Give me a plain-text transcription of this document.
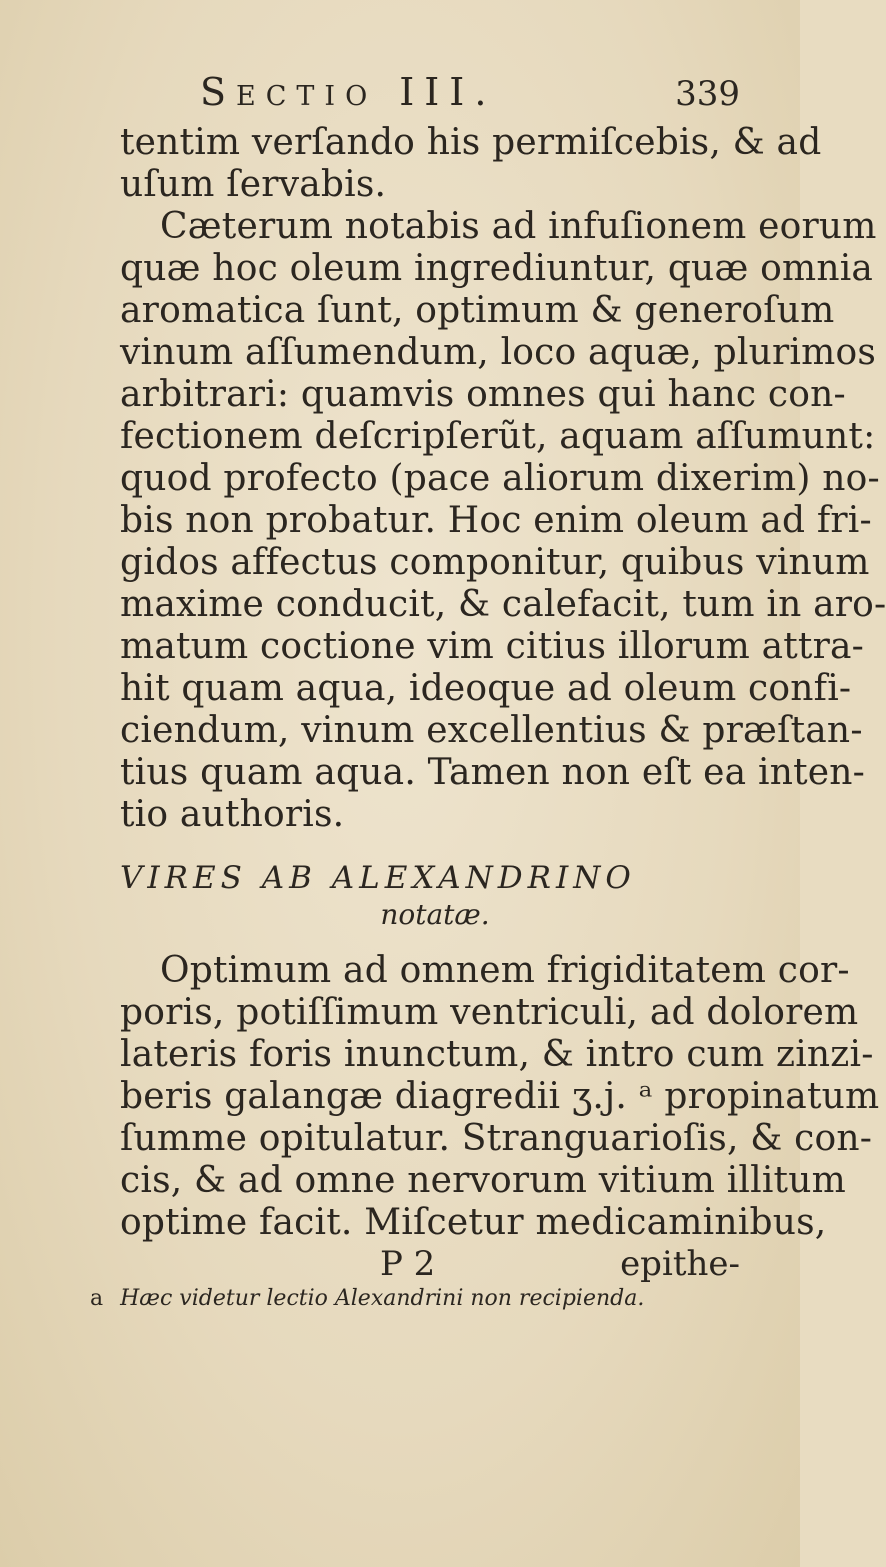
Sectio III.	339
tentim verſando his permiſcebis, & ad
uſum ſervabis.
Cæterum notabis ad infuſionem eorum
quæ hoc oleum ingrediuntur, quæ omnia
aromatica ſunt, optimum & generoſum
vinum aſſumendum, loco aquæ, plurimos
arbitrari: quamvis omnes qui hanc con-
fectionem deſcripſerũt, aquam aſſumunt:
quod profecto (pace aliorum dixerim) no-
bis non probatur. Hoc enim oleum ad fri-
gidos affectus componitur, quibus vinum
maxime conducit, & calefacit, tum in aro-
matum coctione vim citius illorum attra-
hit quam aqua, ideoque ad oleum confi-
ciendum, vinum excellentius & præſtan-
tius quam aqua. Tamen non eſt ea inten-
tio authoris.
VIRES AB ALEXANDRINO
notatæ.
Optimum ad omnem frigiditatem cor-
poris, potiſſimum ventriculi, ad dolorem
lateris foris inunctum, & intro cum zinzi-
beris galangæ diagredii ʒ.j. ᵃ propinatum
ſumme opitulatur. Stranguarioſis, & con-
cis, & ad omne nervorum vitium illitum
optime facit. Miſcetur medicaminibus,
P 2	epithe-
a Hæc videtur lectio Alexandrini non recipienda.
